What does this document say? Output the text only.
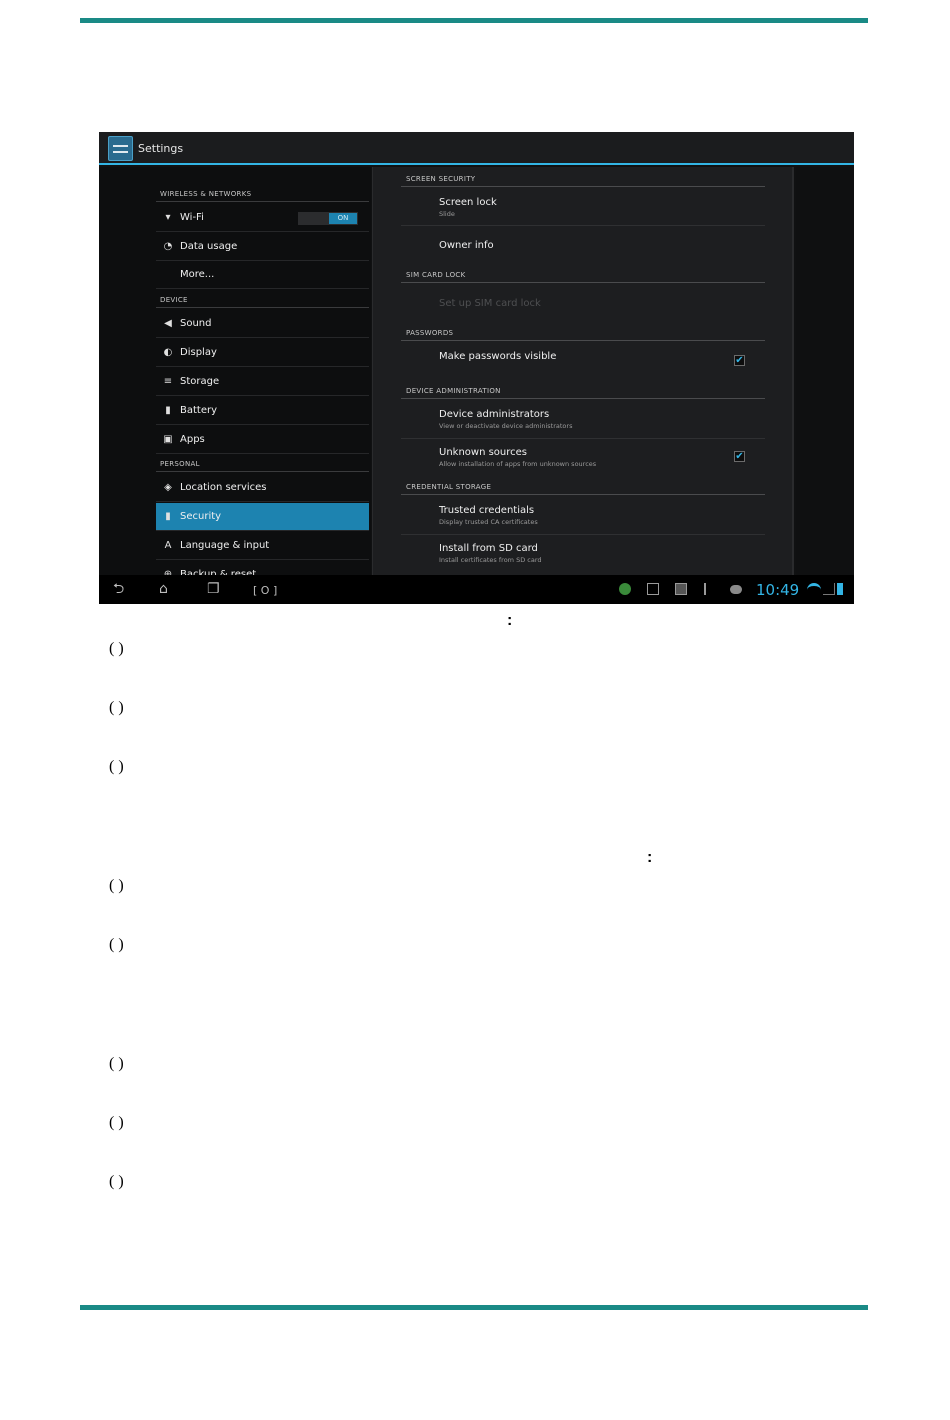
Settings
WIRELESS & NETWORKS
▾ Wi-Fi	ON
◔ Data usage
More...
DEVICE
◀ Sound
◐ Display
≡ Storage
▮ Battery
▣ Apps
PERSONAL
◈ Location services
▮ Security
A Language & input
SCREEN SECURITY
Screen lock
Slide
Owner info
SIM CARD LOCK
Set up SIM card lock
PASSWORDS
Make passwords visible	✔
DEVICE ADMINISTRATION
Device administrators
View or deactivate device administrators
Unknown sources
Allow installation of apps from unknown sources
✔
CREDENTIAL STORAGE
Trusted credentials
Display trusted CA certificates
Install from SD card
Install certificates from SD card
⮌ ⌂	❐	[ O ]	10:49
:
( )
( )
( )
:
( )
( )
( )
( )
( )
